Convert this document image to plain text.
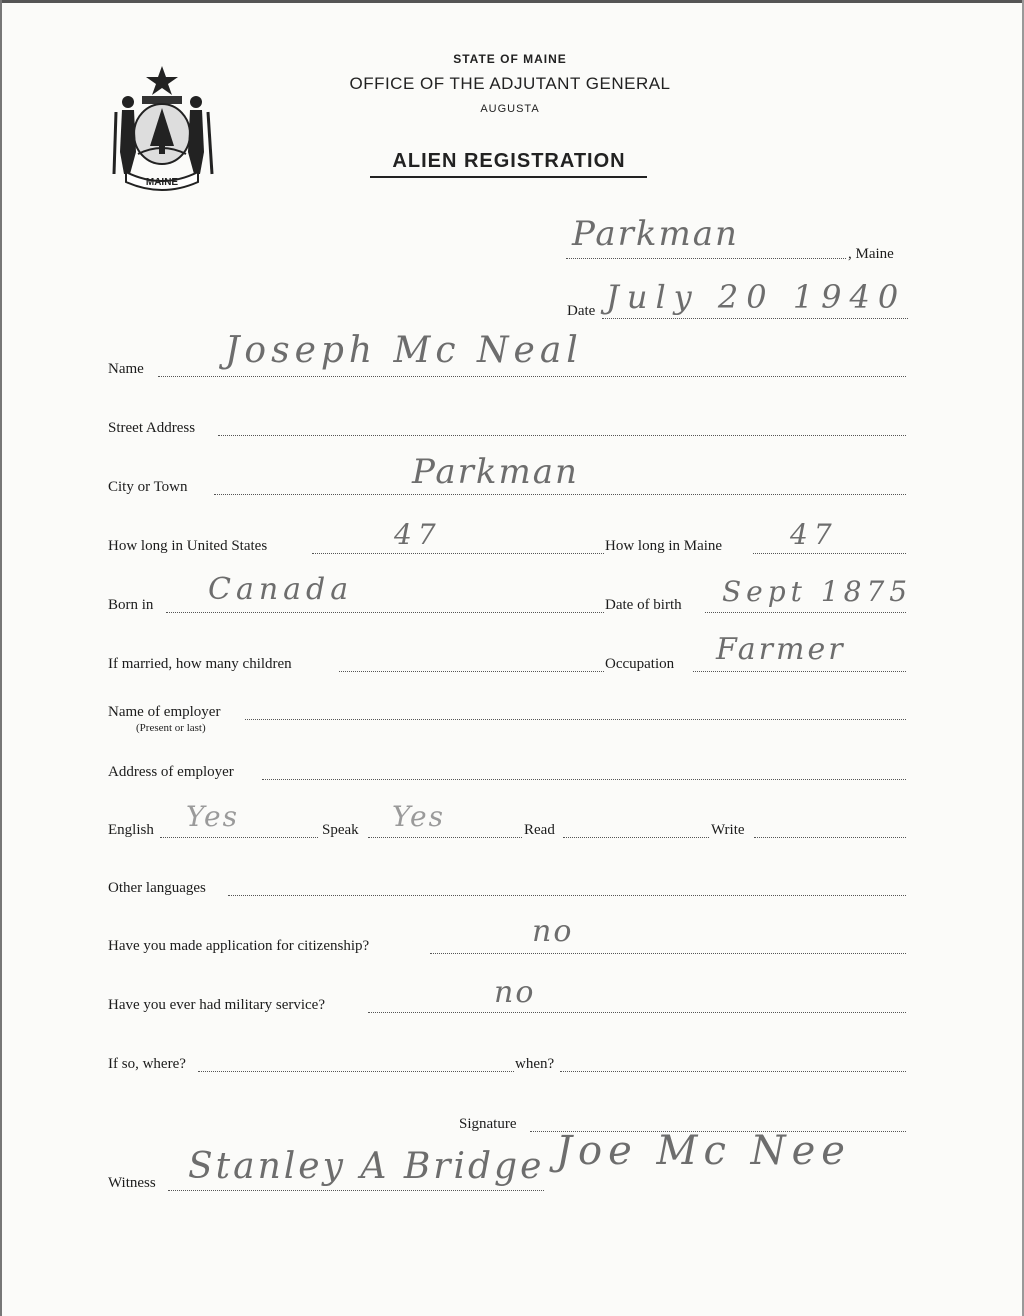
MAINE
STATE OF MAINE
OFFICE OF THE ADJUTANT GENERAL
AUGUSTA
ALIEN REGISTRATION
Parkman	, Maine
Date July 20 1940
Name Joseph Mc Neal
Street Address
City or Town	Parkman
How long in United States	47	How long in Maine 47
Born in Canada	Date of birth Sept 1875
If married, how many children	Occupation Farmer
Name of employer
(Present or last)
Address of employer
English Yes	Speak Yes	Read	Write
Other languages
Have you made application for citizenship?	no
Have you ever had military service?	no
If so, where?	when?
Signature
Joe Mc Nee
Witness Stanley A Bridge
